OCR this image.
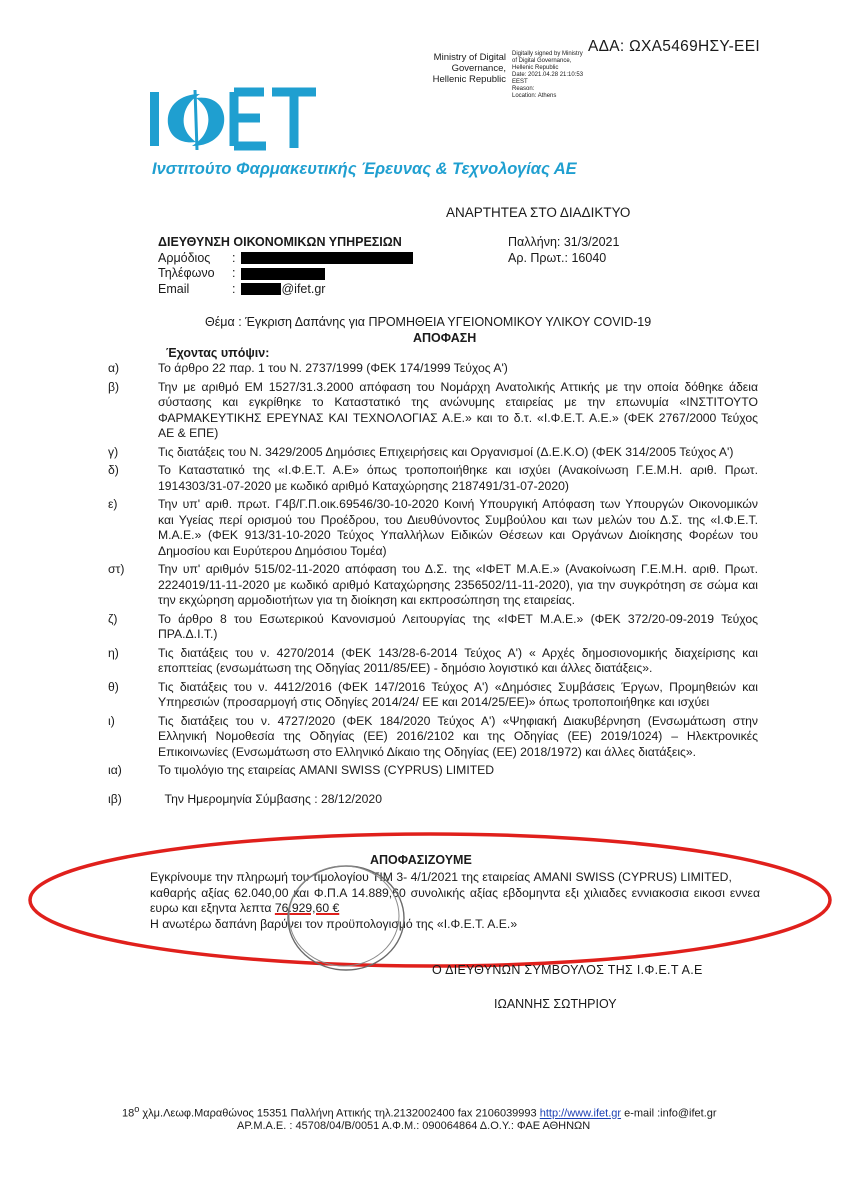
ΑΔΑ: ΩΧΑ5469ΗΣΥ-ΕΕΙ
Ministry of Digital
Governance,
Hellenic Republic
Digitally signed by Ministry
of Digital Governance,
Hellenic Republic
Date: 2021.04.28 21:10:53
EEST
Reason:
Location: Athens
Ινστιτούτο Φαρμακευτικής Έρευνας & Τεχνολογίας ΑΕ
ΑΝΑΡΤΗΤΕΑ ΣΤΟ ΔΙΑΔΙΚΤΥΟ
ΔΙΕΥΘΥΝΣΗ ΟΙΚΟΝΟΜΙΚΩΝ ΥΠΗΡΕΣΙΩΝ
Αρμόδιος	:
Τηλέφωνο	:
Email	:	@ifet.gr
Παλλήνη: 31/3/2021
Αρ. Πρωτ.: 16040
Θέμα : Έγκριση Δαπάνης για ΠΡΟΜΗΘΕΙΑ ΥΓΕΙΟΝΟΜΙΚΟΥ ΥΛΙΚΟΥ COVID-19
ΑΠΟΦΑΣΗ
Έχοντας υπόψιν:
α)	Το άρθρο 22 παρ. 1 του Ν. 2737/1999 (ΦΕΚ 174/1999 Τεύχος Α')
β)	Την με αριθμό ΕΜ 1527/31.3.2000 απόφαση του Νομάρχη Ανατολικής Αττικής με την οποία δόθηκε άδεια σύστασης και εγκρίθηκε το Καταστατικό της ανώνυμης εταιρείας με την επωνυμία «ΙΝΣΤΙΤΟΥΤΟ ΦΑΡΜΑΚΕΥΤΙΚΗΣ ΕΡΕΥΝΑΣ ΚΑΙ ΤΕΧΝΟΛΟΓΙΑΣ Α.Ε.» και το δ.τ. «Ι.Φ.Ε.Τ. Α.Ε.» (ΦΕΚ 2767/2000 Τεύχος ΑΕ & ΕΠΕ)
γ)	Τις διατάξεις του Ν. 3429/2005 Δημόσιες Επιχειρήσεις και Οργανισμοί (Δ.Ε.Κ.Ο) (ΦΕΚ 314/2005 Τεύχος Α')
δ)	Το Καταστατικό της «Ι.Φ.Ε.Τ. Α.Ε» όπως τροποποιήθηκε και ισχύει (Ανακοίνωση Γ.Ε.Μ.Η. αριθ. Πρωτ. 1914303/31-07-2020 με κωδικό αριθμό Καταχώρησης 2187491/31-07-2020)
ε)	Την υπ' αριθ. πρωτ. Γ4β/Γ.Π.οικ.69546/30-10-2020 Κοινή Υπουργική Απόφαση των Υπουργών Οικονομικών και Υγείας περί ορισμού του Προέδρου, του Διευθύνοντος Συμβούλου και των μελών του Δ.Σ. της «Ι.Φ.Ε.Τ. Μ.Α.Ε.» (ΦΕΚ 913/31-10-2020 Τεύχος Υπαλλήλων Ειδικών Θέσεων και Οργάνων Διοίκησης Φορέων του Δημοσίου και Ευρύτερου Δημόσιου Τομέα)
στ)	Την υπ' αριθμόν 515/02-11-2020 απόφαση του Δ.Σ. της «ΙΦΕΤ Μ.Α.Ε.» (Ανακοίνωση Γ.Ε.Μ.Η. αριθ. Πρωτ. 2224019/11-11-2020 με κωδικό αριθμό Καταχώρησης 2356502/11-11-2020), για την συγκρότηση σε σώμα και την εκχώρηση αρμοδιοτήτων για τη διοίκηση και εκπροσώπηση της εταιρείας.
ζ)	Το άρθρο 8 του Εσωτερικού Κανονισμού Λειτουργίας της «ΙΦΕΤ Μ.Α.Ε.» (ΦΕΚ 372/20-09-2019 Τεύχος ΠΡΑ.Δ.Ι.Τ.)
η)	Τις διατάξεις του ν. 4270/2014 (ΦΕΚ 143/28-6-2014 Τεύχος Α') « Αρχές δημοσιονομικής διαχείρισης και εποπτείας (ενσωμάτωση της Οδηγίας 2011/85/ΕΕ) - δημόσιο λογιστικό και άλλες διατάξεις».
θ)	Τις διατάξεις του ν. 4412/2016 (ΦΕΚ 147/2016 Τεύχος Α') «Δημόσιες Συμβάσεις Έργων, Προμηθειών και Υπηρεσιών (προσαρμογή στις Οδηγίες 2014/24/ ΕΕ και 2014/25/ΕΕ)» όπως τροποποιήθηκε και ισχύει
ι)	Τις διατάξεις του ν. 4727/2020 (ΦΕΚ 184/2020 Τεύχος Α') «Ψηφιακή Διακυβέρνηση (Ενσωμάτωση στην Ελληνική Νομοθεσία της Οδηγίας (ΕΕ) 2016/2102 και της Οδηγίας (ΕΕ) 2019/1024) – Ηλεκτρονικές Επικοινωνίες (Ενσωμάτωση στο Ελληνικό Δίκαιο της Οδηγίας (ΕΕ) 2018/1972) και άλλες διατάξεις».
ια)	Το τιμολόγιο της εταιρείας AMANI SWISS (CYPRUS) LIMITED
ιβ)	Την Ημερομηνία Σύμβασης : 28/12/2020
ΑΠΟΦΑΣΙΖΟΥΜΕ
Εγκρίνουμε την πληρωμή του τιμολογίου ΤΙΜ 3- 4/1/2021 της εταιρείας AMANI SWISS (CYPRUS) LIMITED,
καθαρής αξίας 62.040,00 και Φ.Π.Α 14.889,60 συνολικής αξίας εβδομηντα εξι χιλιαδες εννιακοσια εικοσι εννεα ευρω και εξηντα λεπτα 76.929,60 €
Η ανωτέρω δαπάνη βαρύνει τον προϋπολογισμό της «Ι.Φ.Ε.Τ. Α.Ε.»
Ο ΔΙΕΥΘΥΝΩΝ ΣΥΜΒΟΥΛΟΣ ΤΗΣ Ι.Φ.Ε.Τ Α.Ε
ΙΩΑΝΝΗΣ ΣΩΤΗΡΙΟΥ
$18^o$ χλμ.Λεωφ.Μαραθώνος 15351 Παλλήνη Αττικής τηλ.2132002400 fax 2106039993 http://www.ifet.gr e-mail :info@ifet.gr
ΑΡ.Μ.Α.Ε. : 45708/04/Β/0051 Α.Φ.Μ.: 090064864 Δ.Ο.Υ.: ΦΑΕ ΑΘΗΝΩΝ
